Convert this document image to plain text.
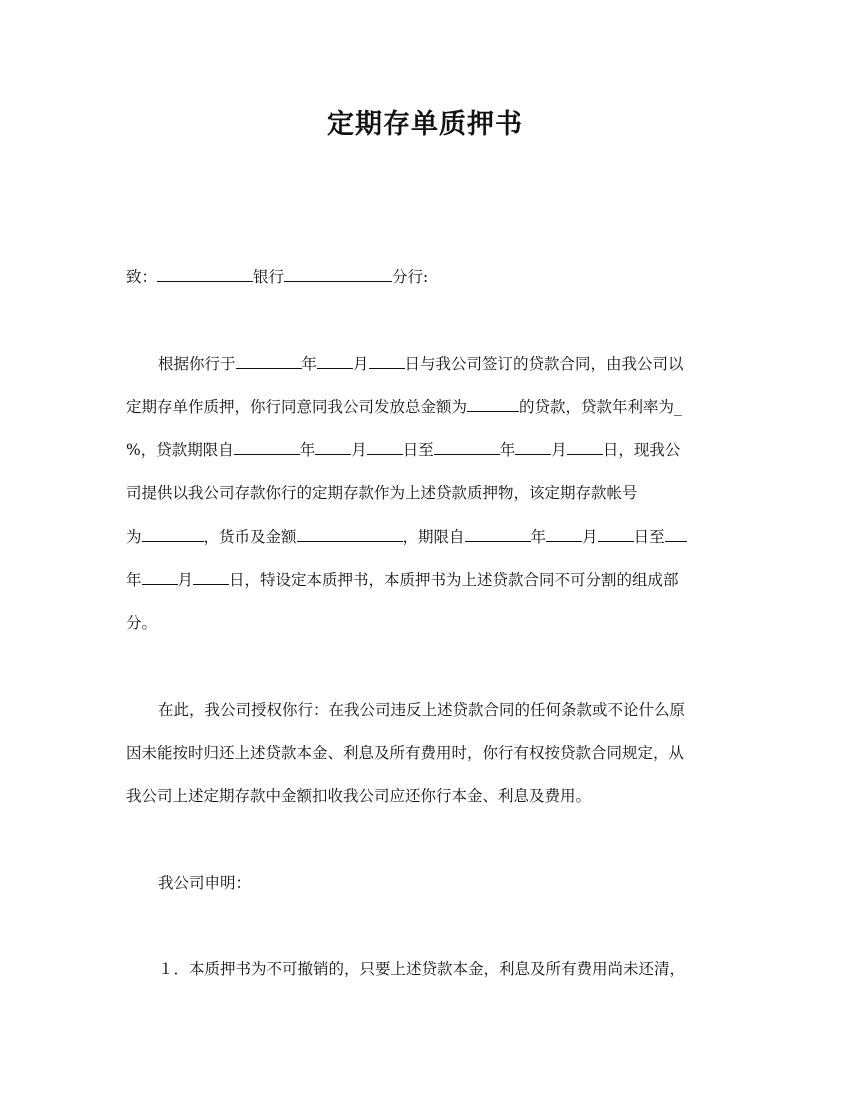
定期存单质押书
致：	银行	分行:
根据你行于	年 月 日与我公司签订的贷款合同，由我公司以
定期存单作质押，你行同意同我公司发放总金额为	的贷款，贷款年利率为_
%，贷款期限自	年 月 日至	年 月 日，现我公
司提供以我公司存款你行的定期存款作为上述贷款质押物，该定期存款帐号
为	，货币及金额	，期限自	年 月 日至
年 月 日，特设定本质押书，本质押书为上述贷款合同不可分割的组成部
分。
在此，我公司授权你行：在我公司违反上述贷款合同的任何条款或不论什么原
因未能按时归还上述贷款本金、利息及所有费用时，你行有权按贷款合同规定，从
我公司上述定期存款中金额扣收我公司应还你行本金、利息及费用。
我公司申明：
１．本质押书为不可撤销的，只要上述贷款本金，利息及所有费用尚未还清，
